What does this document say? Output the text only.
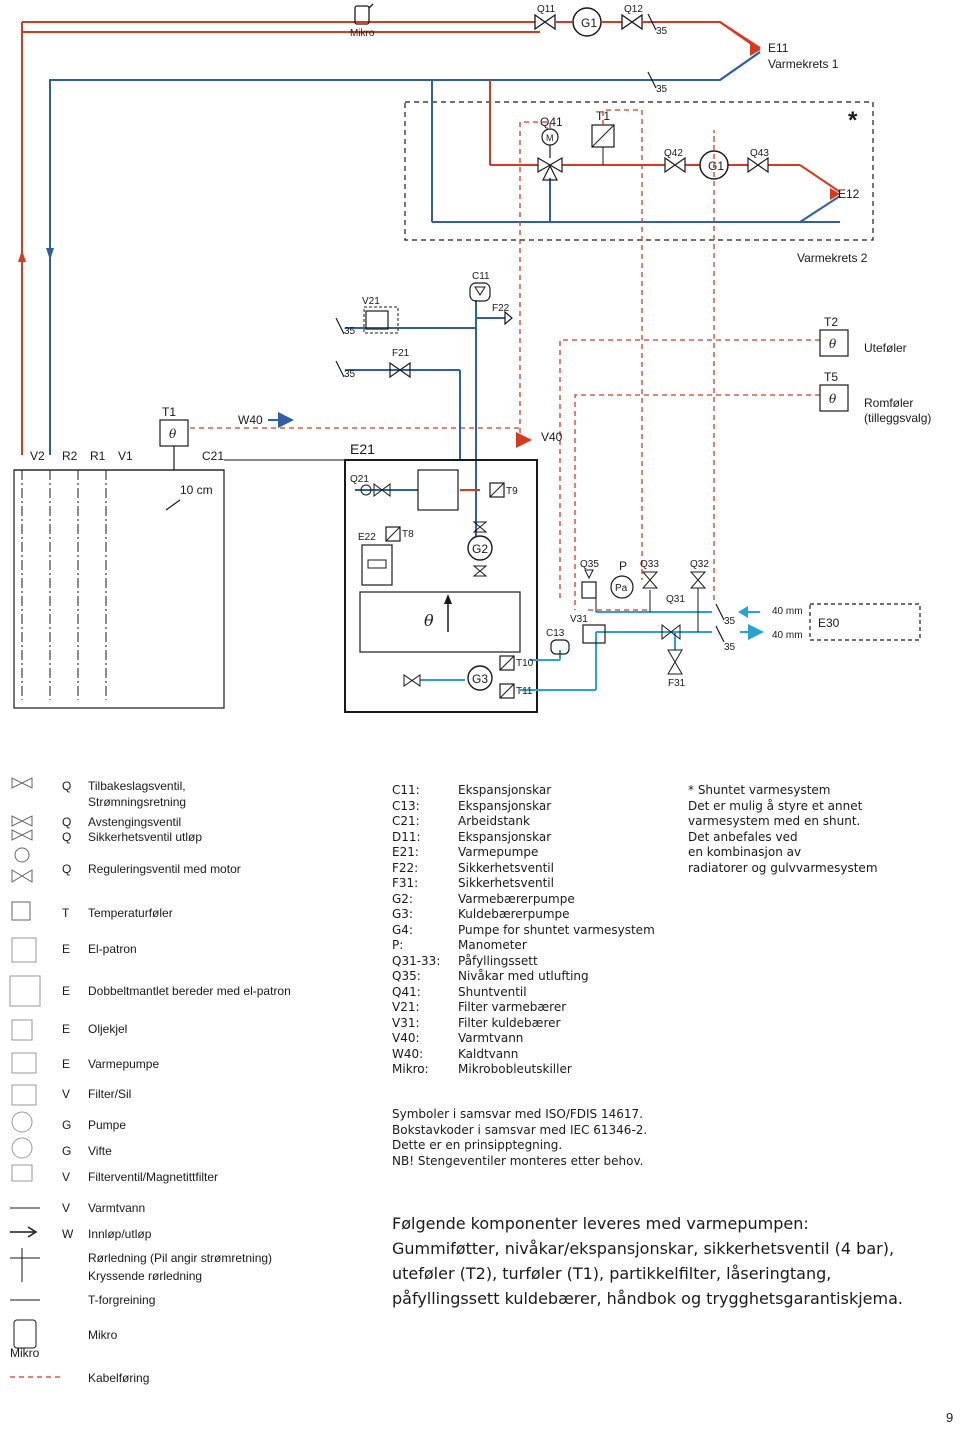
Mikro
Q11
G1
Q12
35
35
E11
Varmekrets 1
*
M
Q41	T1
Q42
G1
Q43
E12
Varmekrets 2
C11
F22
V21
35
F21
35
θ
T2
Uteføler
θ
T5
Romføler
(tilleggsvalg)
θ
T1
W40
V40
V2 R2 R1 V1	C21
10 cm
E21
Q21
T9
E22	T8
G2
θ
G3
T10
T11
C13
V31
Q35 P
Pa
Q33	Q32
Q31
F31
35
35
40 mm
40 mm
E30
Q Tilbakeslagsventil,
Strømningsretning
Q Avstengingsventil
Q Sikkerhetsventil utløp
Q Reguleringsventil med motor
T Temperaturføler
E El-patron
E Dobbeltmantlet bereder med el-patron
E Oljekjel
E Varmepumpe
V Filter/Sil
G Pumpe
G Vifte
V Filterventil/Magnetittfilter
V Varmtvann
W Innløp/utløp
Rørledning (Pil angir strømretning)
Kryssende rørledning
T-forgreining
Mikro
Mikro
Kabelføring
C11:	Ekspansjonskar
C13:	Ekspansjonskar
C21:	Arbeidstank
D11:	Ekspansjonskar
E21:	Varmepumpe
F22:	Sikkerhetsventil
F31:	Sikkerhetsventil
G2:	Varmebærerpumpe
G3:	Kuldebærerpumpe
G4:	Pumpe for shuntet varmesystem
P:	Manometer
Q31-33:	Påfyllingssett
Q35:	Nivåkar med utlufting
Q41:	Shuntventil
V21:	Filter varmebærer
V31:	Filter kuldebærer
V40:	Varmtvann
W40:	Kaldtvann
Mikro:	Mikrobobleutskiller
* Shuntet varmesystem
Det er mulig å styre et annet
varmesystem med en shunt.
Det anbefales ved
en kombinasjon av
radiatorer og gulvvarmesystem
Symboler i samsvar med ISO/FDIS 14617.
Bokstavkoder i samsvar med IEC 61346-2.
Dette er en prinsipptegning.
NB! Stengeventiler monteres etter behov.
Følgende komponenter leveres med varmepumpen:
Gummiføtter, nivåkar/ekspansjonskar, sikkerhetsventil (4 bar),
uteføler (T2), turføler (T1), partikkelfilter, låseringtang,
påfyllingssett kuldebærer, håndbok og trygghetsgarantiskjema.
9
